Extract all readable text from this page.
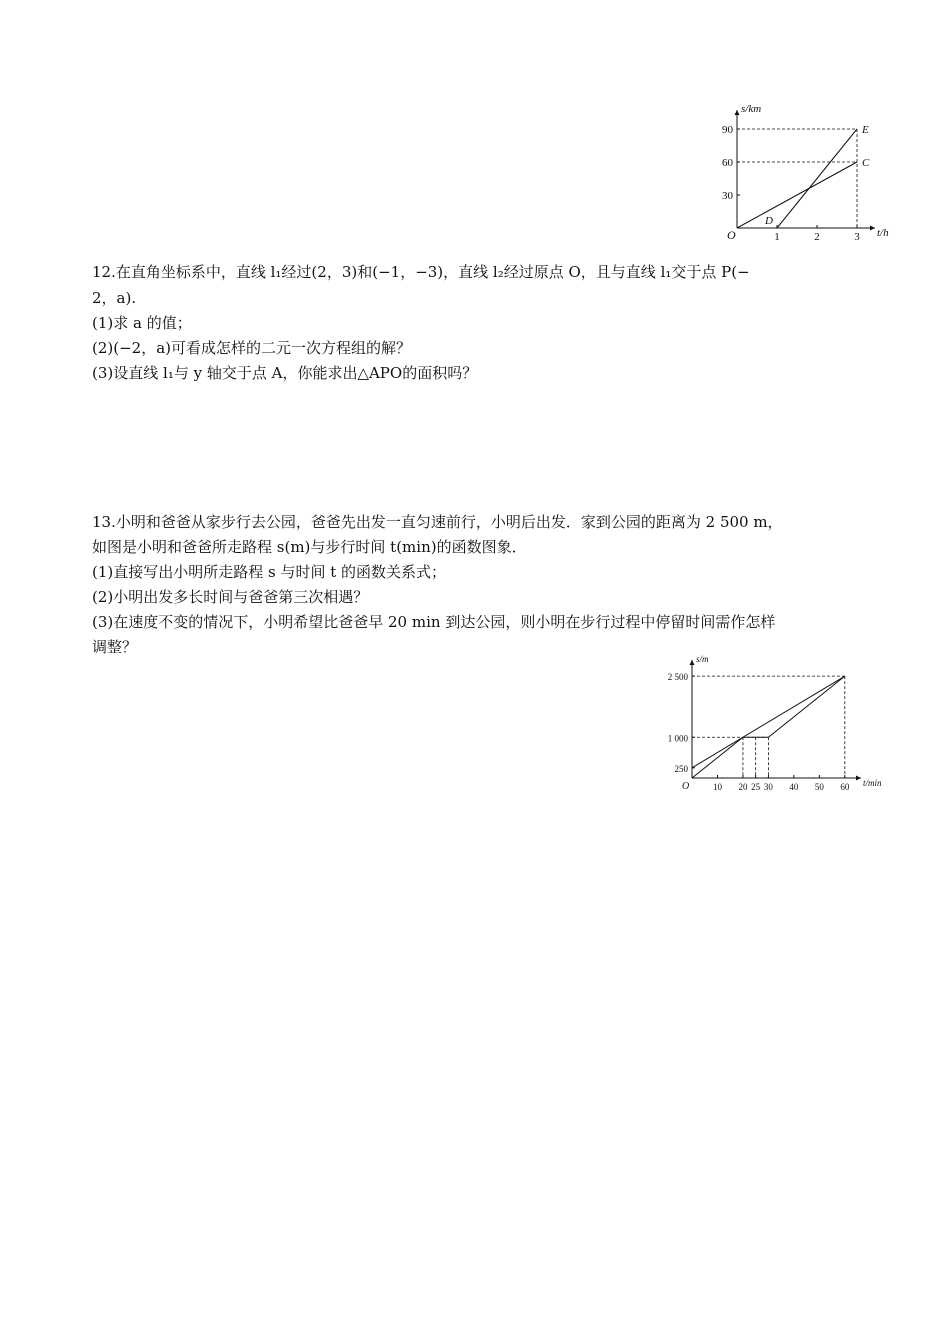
t/h
s/km
O	1	2	3
30
60
90	E
C
D
12.在直角坐标系中，直线 l₁经过(2，3)和(−1，−3)，直线 l₂经过原点 O，且与直线 l₁交于点 P(−
2，a).
(1)求 a 的值；
(2)(−2，a)可看成怎样的二元一次方程组的解？
(3)设直线 l₁与 y 轴交于点 A，你能求出△APO的面积吗？
13.小明和爸爸从家步行去公园，爸爸先出发一直匀速前行，小明后出发．家到公园的距离为 2 500 m，
如图是小明和爸爸所走路程 s(m)与步行时间 t(min)的函数图象．
(1)直接写出小明所走路程 s 与时间 t 的函数关系式；
(2)小明出发多长时间与爸爸第三次相遇？
(3)在速度不变的情况下，小明希望比爸爸早 20 min 到达公园，则小明在步行过程中停留时间需作怎样
调整？
t/min
s/m
O	10 20 25 30 40 50 60
250
1 000
2 500
